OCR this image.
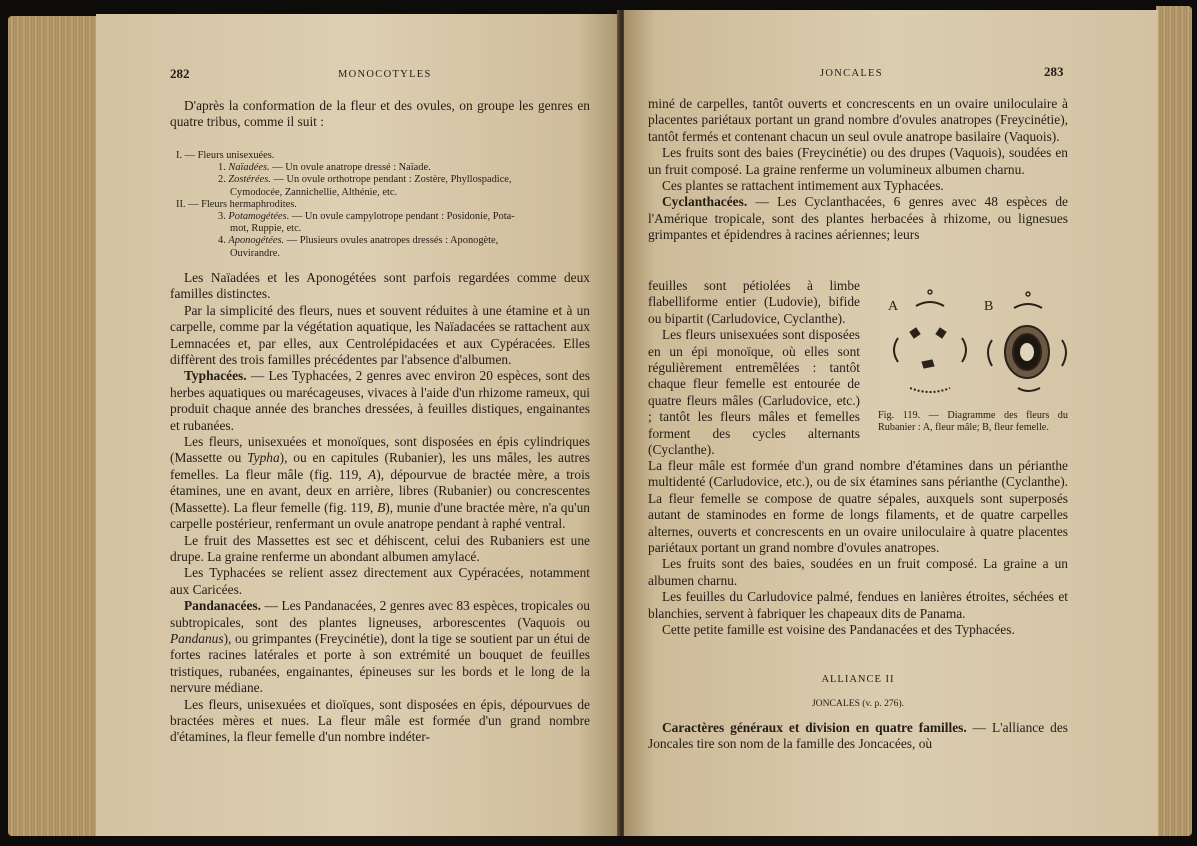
282	MONOCOTYLES

D'après la conformation de la fleur et des ovules, on groupe les genres en quatre tribus, comme il suit :

I. — Fleurs unisexuées.
1. Naïadées. — Un ovule anatrope dressé : Naïade.
2. Zostérées. — Un ovule orthotrope pendant : Zostère, Phyllospadice,
Cymodocée, Zannichellie, Althénie, etc.
II. — Fleurs hermaphrodites.
3. Potamogétées. — Un ovule campylotrope pendant : Posidonie, Pota-
mot, Ruppie, etc.
4. Aponogétées. — Plusieurs ovules anatropes dressés : Aponogète,
Ouvirandre.

Les Naïadées et les Aponogétées sont parfois regardées comme deux familles distinctes.

Par la simplicité des fleurs, nues et souvent réduites à une étamine et à un carpelle, comme par la végétation aquatique, les Naïadacées se rattachent aux Lemnacées et, par elles, aux Centrolépidacées et aux Cypéracées. Elles diffèrent des trois familles précédentes par l'absence d'albumen.

Typhacées. — Les Typhacées, 2 genres avec environ 20 espèces, sont des herbes aquatiques ou marécageuses, vivaces à l'aide d'un rhizome rameux, qui produit chaque année des branches dressées, à feuilles distiques, engainantes et rubanées.

Les fleurs, unisexuées et monoïques, sont disposées en épis cylindriques (Massette ou Typha), ou en capitules (Rubanier), les uns mâles, les autres femelles. La fleur mâle (fig. 119, A), dépourvue de bractée mère, a trois étamines, une en avant, deux en arrière, libres (Rubanier) ou concrescentes (Massette). La fleur femelle (fig. 119, B), munie d'une bractée mère, n'a qu'un carpelle postérieur, renfermant un ovule anatrope pendant à raphé ventral.

Le fruit des Massettes est sec et déhiscent, celui des Rubaniers est une drupe. La graine renferme un abondant albumen amylacé.

Les Typhacées se relient assez directement aux Cypéracées, notamment aux Caricées.

Pandanacées. — Les Pandanacées, 2 genres avec 83 espèces, tropicales ou subtropicales, sont des plantes ligneuses, arborescentes (Vaquois ou Pandanus), ou grimpantes (Freycinétie), dont la tige se soutient par un étui de fortes racines latérales et porte à son extrémité un bouquet de feuilles tristiques, rubanées, engainantes, épineuses sur les bords et le long de la nervure médiane.

Les fleurs, unisexuées et dioïques, sont disposées en épis, dépourvues de bractées mères et nues. La fleur mâle est formée d'un grand nombre d'étamines, la fleur femelle d'un nombre indéter-

JONCALES	283

miné de carpelles, tantôt ouverts et concrescents en un ovaire uniloculaire à placentes pariétaux portant un grand nombre d'ovules anatropes (Freycinétie), tantôt fermés et contenant chacun un seul ovule anatrope basilaire (Vaquois).

Les fruits sont des baies (Freycinétie) ou des drupes (Vaquois), soudées en un fruit composé. La graine renferme un volumineux albumen charnu.

Ces plantes se rattachent intimement aux Typhacées.

Cyclanthacées. — Les Cyclanthacées, 6 genres avec 48 espèces de l'Amérique tropicale, sont des plantes herbacées à rhizome, ou lignesues grimpantes et épidendres à racines aériennes; leurs

feuilles sont pétiolées à limbe flabelliforme entier (Ludovie), bifide ou bipartit (Carludovice, Cyclanthe).

Les fleurs unisexuées sont disposées en un épi monoïque, où elles sont régulièrement entremêlées : tantôt chaque fleur femelle est entourée de quatre fleurs mâles (Carludovice, etc.) ; tantôt les fleurs mâles et femelles forment des cycles alternants (Cyclanthe).

A	B

Fig. 119. — Diagramme des fleurs du Rubanier : A, fleur mâle; B, fleur femelle.

La fleur mâle est formée d'un grand nombre d'étamines dans un périanthe multidenté (Carludovice, etc.), ou de six étamines sans périanthe (Cyclanthe). La fleur femelle se compose de quatre sépales, auxquels sont superposés autant de staminodes en forme de longs filaments, et de quatre carpelles alternes, ouverts et concrescents en un ovaire uniloculaire à quatre placentes pariétaux portant un grand nombre d'ovules anatropes.

Les fruits sont des baies, soudées en un fruit composé. La graine a un albumen charnu.

Les feuilles du Carludovice palmé, fendues en lanières étroites, séchées et blanchies, servent à fabriquer les chapeaux dits de Panama.

Cette petite famille est voisine des Pandanacées et des Typhacées.

ALLIANCE II
JONCALES (v. p. 276).

Caractères généraux et division en quatre familles. — L'alliance des Joncales tire son nom de la famille des Joncacées, où
